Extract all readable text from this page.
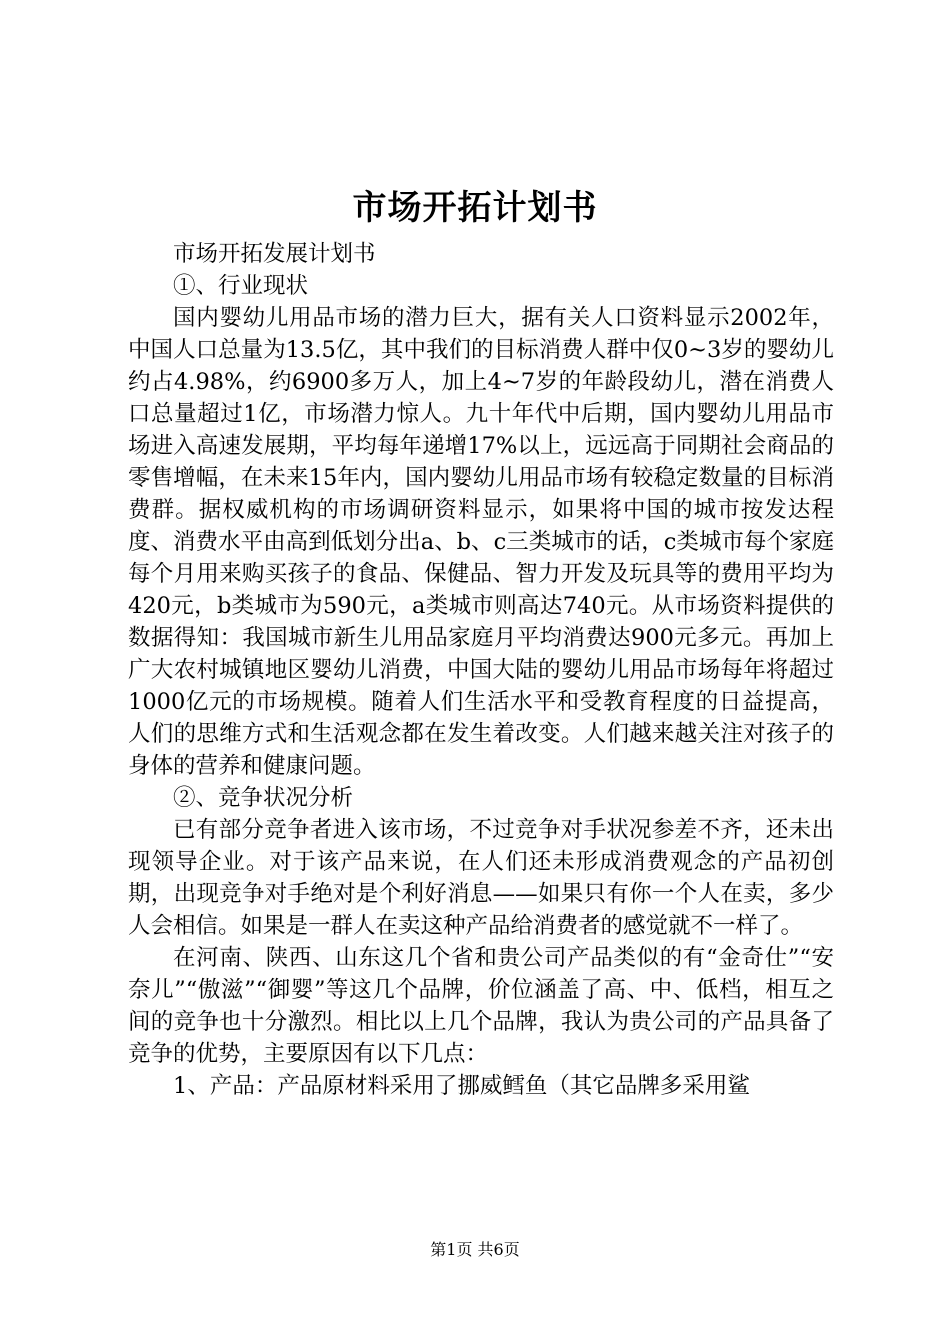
市场开拓计划书

市场开拓发展计划书

①、行业现状

国内婴幼儿用品市场的潜力巨大，据有关人口资料显示2002年，中国人口总量为13.5亿，其中我们的目标消费人群中仅0~3岁的婴幼儿约占4.98%，约6900多万人，加上4~7岁的年龄段幼儿，潜在消费人口总量超过1亿，市场潜力惊人。九十年代中后期，国内婴幼儿用品市场进入高速发展期，平均每年递增17%以上，远远高于同期社会商品的零售增幅，在未来15年内，国内婴幼儿用品市场有较稳定数量的目标消费群。据权威机构的市场调研资料显示，如果将中国的城市按发达程度、消费水平由高到低划分出a、b、c三类城市的话，c类城市每个家庭每个月用来购买孩子的食品、保健品、智力开发及玩具等的费用平均为420元，b类城市为590元，a类城市则高达740元。从市场资料提供的数据得知：我国城市新生儿用品家庭月平均消费达900元多元。再加上广大农村城镇地区婴幼儿消费，中国大陆的婴幼儿用品市场每年将超过1000亿元的市场规模。随着人们生活水平和受教育程度的日益提高，人们的思维方式和生活观念都在发生着改变。人们越来越关注对孩子的身体的营养和健康问题。

②、竞争状况分析

已有部分竞争者进入该市场，不过竞争对手状况参差不齐，还未出现领导企业。对于该产品来说，在人们还未形成消费观念的产品初创期，出现竞争对手绝对是个利好消息——如果只有你一个人在卖，多少人会相信。如果是一群人在卖这种产品给消费者的感觉就不一样了。

在河南、陕西、山东这几个省和贵公司产品类似的有“金奇仕”“安奈儿”“傲滋”“御婴”等这几个品牌，价位涵盖了高、中、低档，相互之间的竞争也十分激烈。相比以上几个品牌，我认为贵公司的产品具备了竞争的优势，主要原因有以下几点：

1、产品：产品原材料采用了挪威鳕鱼（其它品牌多采用鲨

第1页 共6页
